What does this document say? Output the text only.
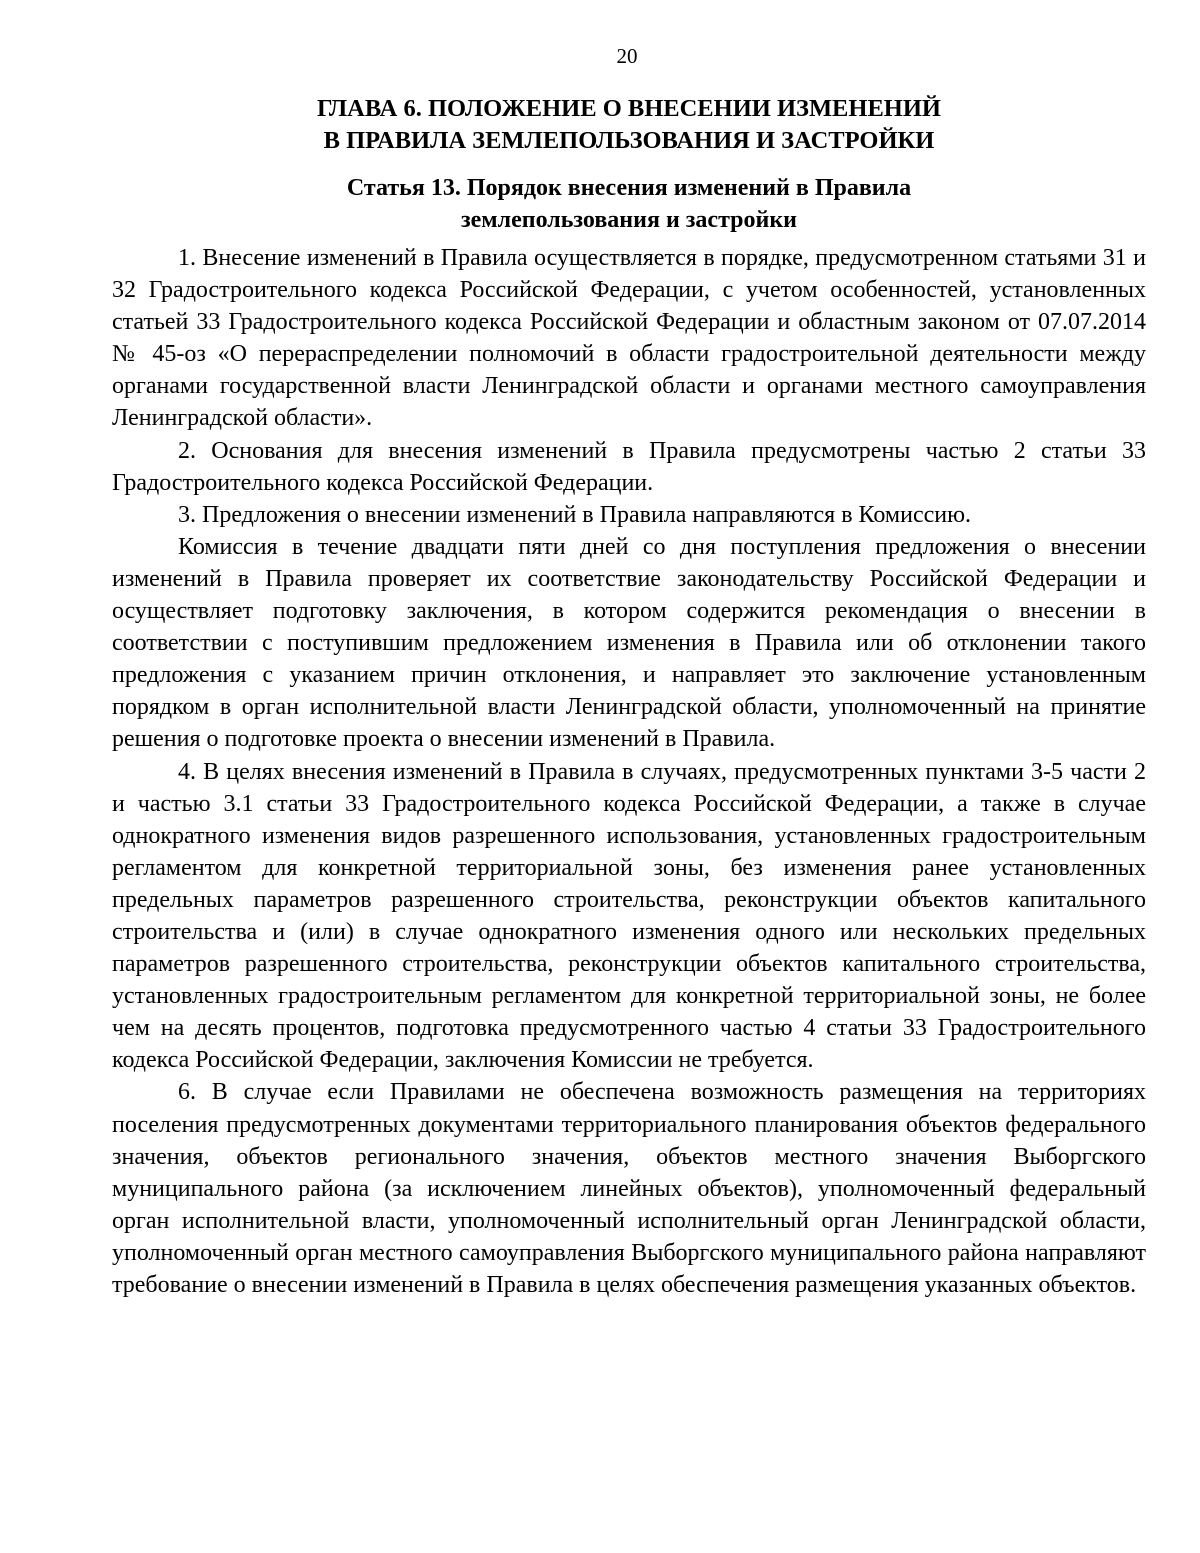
20
ГЛАВА 6. ПОЛОЖЕНИЕ О ВНЕСЕНИИ ИЗМЕНЕНИЙ
В ПРАВИЛА ЗЕМЛЕПОЛЬЗОВАНИЯ И ЗАСТРОЙКИ
Статья 13. Порядок внесения изменений в Правила
землепользования и застройки

1. Внесение изменений в Правила осуществляется в порядке, предусмотренном статьями 31 и 32 Градостроительного кодекса Российской Федерации, с учетом особенностей, установленных статьей 33 Градостроительного кодекса Российской Федерации и областным законом от 07.07.2014 № 45-оз «О перераспределении полномочий в области градостроительной деятельности между органами государственной власти Ленинградской области и органами местного самоуправления Ленинградской области».

2. Основания для внесения изменений в Правила предусмотрены частью 2 статьи 33 Градостроительного кодекса Российской Федерации.

3. Предложения о внесении изменений в Правила направляются в Комиссию.

Комиссия в течение двадцати пяти дней со дня поступления предложения о внесении изменений в Правила проверяет их соответствие законодательству Российской Федерации и осуществляет подготовку заключения, в котором содержится рекомендация о внесении в соответствии с поступившим предложением изменения в Правила или об отклонении такого предложения с указанием причин отклонения, и направляет это заключение установленным порядком в орган исполнительной власти Ленинградской области, уполномоченный на принятие решения о подготовке проекта о внесении изменений в Правила.

4. В целях внесения изменений в Правила в случаях, предусмотренных пунктами 3-5 части 2 и частью 3.1 статьи 33 Градостроительного кодекса Российской Федерации, а также в случае однократного изменения видов разрешенного использования, установленных градостроительным регламентом для конкретной территориальной зоны, без изменения ранее установленных предельных параметров разрешенного строительства, реконструкции объектов капитального строительства и (или) в случае однократного изменения одного или нескольких предельных параметров разрешенного строительства, реконструкции объектов капитального строительства, установленных градостроительным регламентом для конкретной территориальной зоны, не более чем на десять процентов, подготовка предусмотренного частью 4 статьи 33 Градостроительного кодекса Российской Федерации, заключения Комиссии не требуется.

6. В случае если Правилами не обеспечена возможность размещения на территориях поселения предусмотренных документами территориального планирования объектов федерального значения, объектов регионального значения, объектов местного значения Выборгского муниципального района (за исключением линейных объектов), уполномоченный федеральный орган исполнительной власти, уполномоченный исполнительный орган Ленинградской области, уполномоченный орган местного самоуправления Выборгского муниципального района направляют требование о внесении изменений в Правила в целях обеспечения размещения указанных объектов.
